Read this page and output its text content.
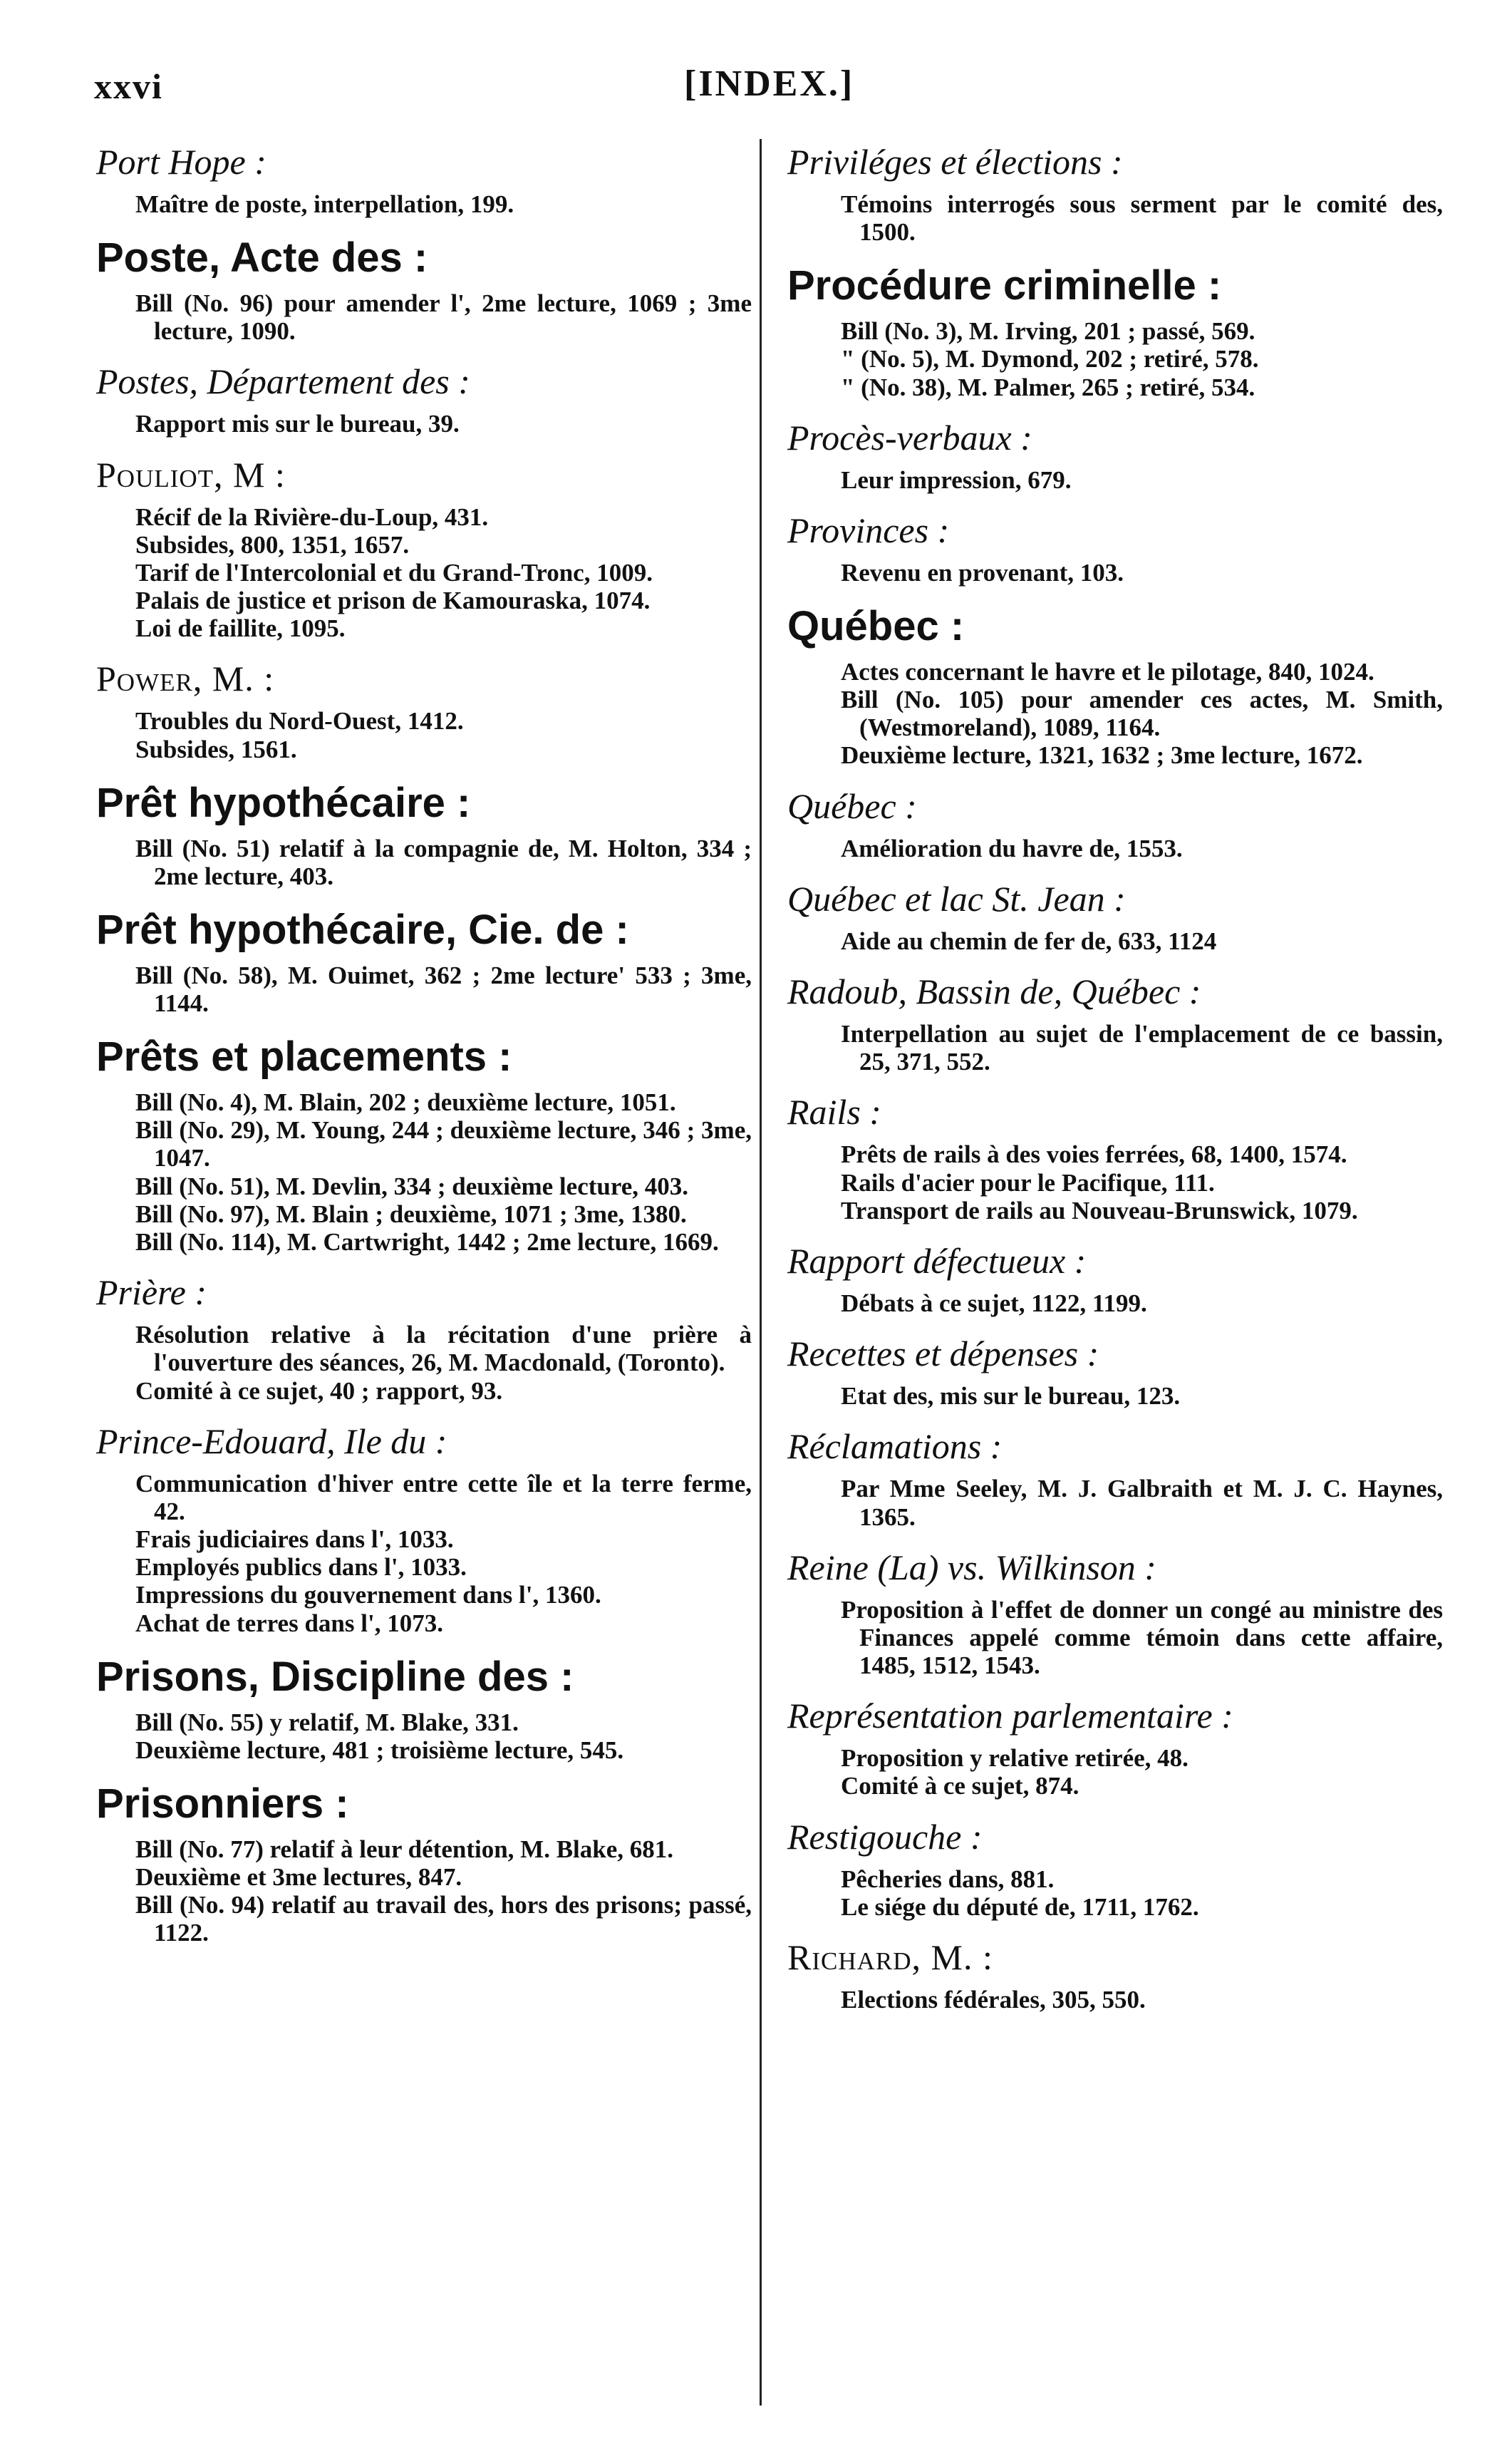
xxvi	[INDEX.]
Port Hope :
Maître de poste, interpellation, 199.
Poste, Acte des :
Bill (No. 96) pour amender l', 2me lecture, 1069 ; 3me lecture, 1090.
Postes, Département des :
Rapport mis sur le bureau, 39.
Pouliot, M :
Récif de la Rivière-du-Loup, 431.
Subsides, 800, 1351, 1657.
Tarif de l'Intercolonial et du Grand-Tronc, 1009.
Palais de justice et prison de Kamouraska, 1074.
Loi de faillite, 1095.
Power, M. :
Troubles du Nord-Ouest, 1412.
Subsides, 1561.
Prêt hypothécaire :
Bill (No. 51) relatif à la compagnie de, M. Holton, 334 ; 2me lecture, 403.
Prêt hypothécaire, Cie. de :
Bill (No. 58), M. Ouimet, 362 ; 2me lecture' 533 ; 3me, 1144.
Prêts et placements :
Bill (No. 4), M. Blain, 202 ; deuxième lecture, 1051.
Bill (No. 29), M. Young, 244 ; deuxième lecture, 346 ; 3me, 1047.
Bill (No. 51), M. Devlin, 334 ; deuxième lecture, 403.
Bill (No. 97), M. Blain ; deuxième, 1071 ; 3me, 1380.
Bill (No. 114), M. Cartwright, 1442 ; 2me lecture, 1669.
Prière :
Résolution relative à la récitation d'une prière à l'ouverture des séances, 26, M. Macdonald, (Toronto).
Comité à ce sujet, 40 ; rapport, 93.
Prince-Edouard, Ile du :
Communication d'hiver entre cette île et la terre ferme, 42.
Frais judiciaires dans l', 1033.
Employés publics dans l', 1033.
Impressions du gouvernement dans l', 1360.
Achat de terres dans l', 1073.
Prisons, Discipline des :
Bill (No. 55) y relatif, M. Blake, 331.
Deuxième lecture, 481 ; troisième lecture, 545.
Prisonniers :
Bill (No. 77) relatif à leur détention, M. Blake, 681.
Deuxième et 3me lectures, 847.
Bill (No. 94) relatif au travail des, hors des prisons; passé, 1122.
Priviléges et élections :
Témoins interrogés sous serment par le comité des, 1500.
Procédure criminelle :
Bill (No. 3), M. Irving, 201 ; passé, 569.
" (No. 5), M. Dymond, 202 ; retiré, 578.
" (No. 38), M. Palmer, 265 ; retiré, 534.
Procès-verbaux :
Leur impression, 679.
Provinces :
Revenu en provenant, 103.
Québec :
Actes concernant le havre et le pilotage, 840, 1024.
Bill (No. 105) pour amender ces actes, M. Smith, (Westmoreland), 1089, 1164.
Deuxième lecture, 1321, 1632 ; 3me lecture, 1672.
Québec :
Amélioration du havre de, 1553.
Québec et lac St. Jean :
Aide au chemin de fer de, 633, 1124
Radoub, Bassin de, Québec :
Interpellation au sujet de l'emplacement de ce bassin, 25, 371, 552.
Rails :
Prêts de rails à des voies ferrées, 68, 1400, 1574.
Rails d'acier pour le Pacifique, 111.
Transport de rails au Nouveau-Brunswick, 1079.
Rapport défectueux :
Débats à ce sujet, 1122, 1199.
Recettes et dépenses :
Etat des, mis sur le bureau, 123.
Réclamations :
Par Mme Seeley, M. J. Galbraith et M. J. C. Haynes, 1365.
Reine (La) vs. Wilkinson :
Proposition à l'effet de donner un congé au ministre des Finances appelé comme témoin dans cette affaire, 1485, 1512, 1543.
Représentation parlementaire :
Proposition y relative retirée, 48.
Comité à ce sujet, 874.
Restigouche :
Pêcheries dans, 881.
Le siége du député de, 1711, 1762.
Richard, M. :
Elections fédérales, 305, 550.
